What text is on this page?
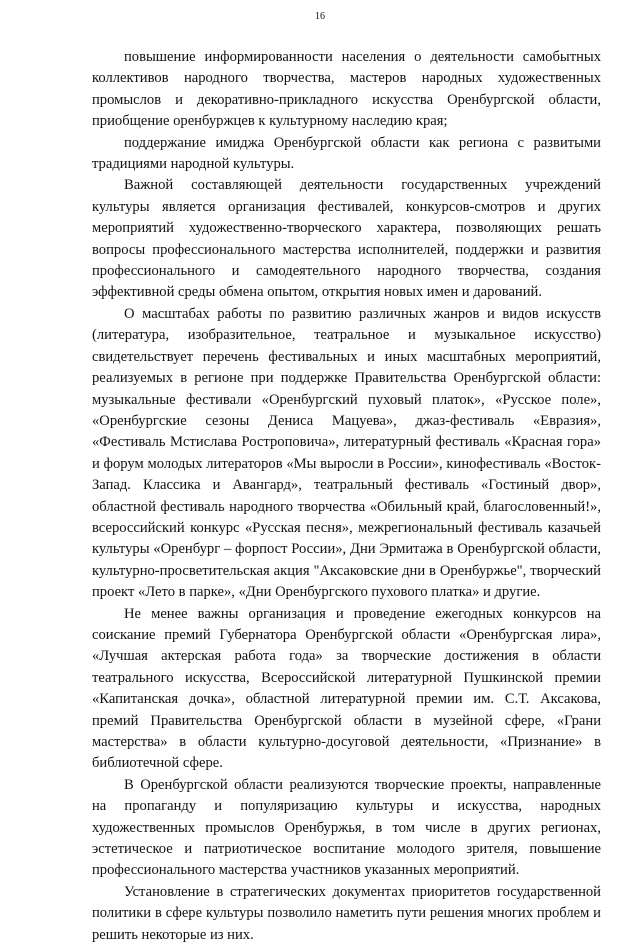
16

повышение информированности населения о деятельности самобытных коллективов народного творчества, мастеров народных художественных промыслов и декоративно-прикладного искусства Оренбургской области, приобщение оренбуржцев к культурному наследию края;

поддержание имиджа Оренбургской области как региона с развитыми традициями народной культуры.

Важной составляющей деятельности государственных учреждений культуры является организация фестивалей, конкурсов-смотров и других мероприятий художественно-творческого характера, позволяющих решать вопросы профессионального мастерства исполнителей, поддержки и развития профессионального и самодеятельного народного творчества, создания эффективной среды обмена опытом, открытия новых имен и дарований.

О масштабах работы по развитию различных жанров и видов искусств (литература, изобразительное, театральное и музыкальное искусство) свидетельствует перечень фестивальных и иных масштабных мероприятий, реализуемых в регионе при поддержке Правительства Оренбургской области: музыкальные фестивали «Оренбургский пуховый платок», «Русское поле», «Оренбургские сезоны Дениса Мацуева», джаз-фестиваль «Евразия», «Фестиваль Мстислава Ростроповича», литературный фестиваль «Красная гора» и форум молодых литераторов «Мы выросли в России», кинофестиваль «Восток-Запад. Классика и Авангард», театральный фестиваль «Гостиный двор», областной фестиваль народного творчества «Обильный край, благословенный!», всероссийский конкурс «Русская песня», межрегиональный фестиваль казачьей культуры «Оренбург – форпост России», Дни Эрмитажа в Оренбургской области, культурно-просветительская акция "Аксаковские дни в Оренбуржье", творческий проект «Лето в парке», «Дни Оренбургского пухового платка» и другие.

Не менее важны организация и проведение ежегодных конкурсов на соискание премий Губернатора Оренбургской области «Оренбургская лира», «Лучшая актерская работа года» за творческие достижения в области театрального искусства, Всероссийской литературной Пушкинской премии «Капитанская дочка», областной литературной премии им. С.Т. Аксакова, премий Правительства Оренбургской области в музейной сфере, «Грани мастерства» в области культурно-досуговой деятельности, «Признание» в библиотечной сфере.

В Оренбургской области реализуются творческие проекты, направленные на пропаганду и популяризацию культуры и искусства, народных художественных промыслов Оренбуржья, в том числе в других регионах, эстетическое и патриотическое воспитание молодого зрителя, повышение профессионального мастерства участников указанных мероприятий.

Установление в стратегических документах приоритетов государственной политики в сфере культуры позволило наметить пути решения многих проблем и решить некоторые из них.
